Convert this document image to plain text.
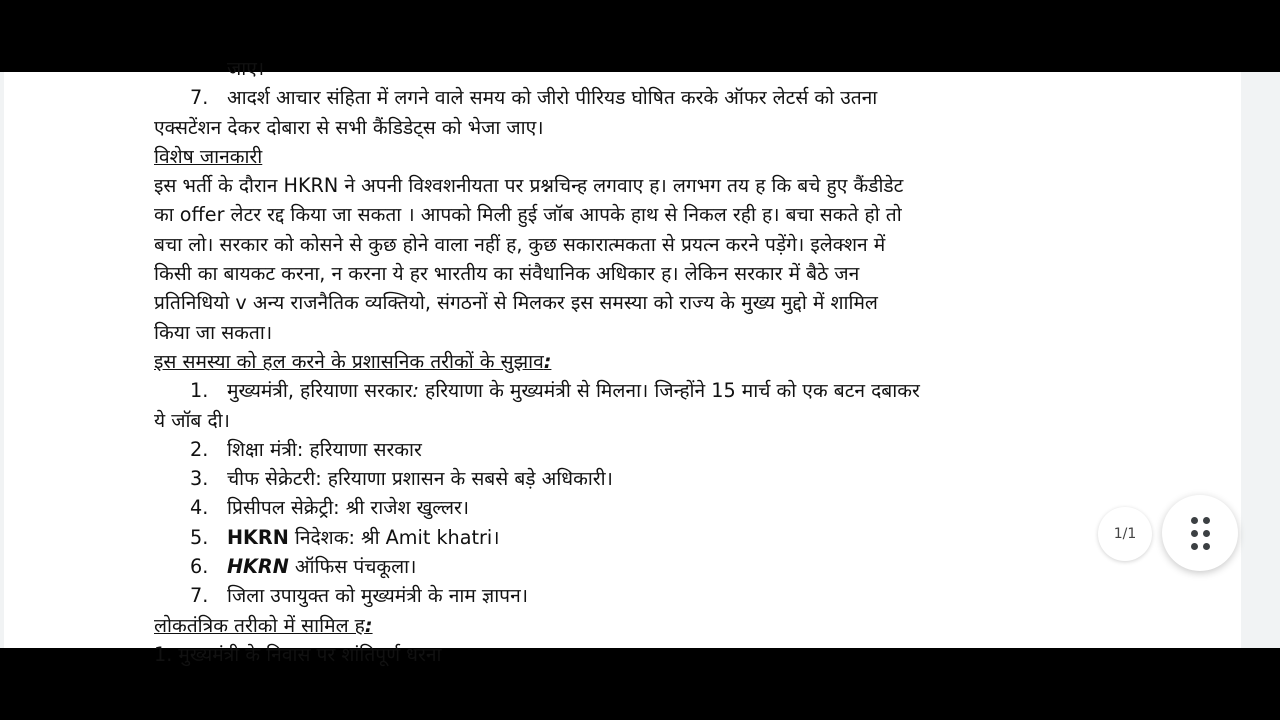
जाए।
7. आदर्श आचार संहिता में लगने वाले समय को जीरो पीरियड घोषित करके ऑफर लेटर्स को उतना
एक्सटेंशन देकर दोबारा से सभी कैंडिडेट्स को भेजा जाए।
विशेष जानकारी
इस भर्ती के दौरान HKRN ने अपनी विश्वशनीयता पर प्रश्नचिन्ह लगवाए ह। लगभग तय ह कि बचे हुए कैंडीडेट
का offer लेटर रद्द किया जा सकता । आपको मिली हुई जॉब आपके हाथ से निकल रही ह। बचा सकते हो तो
बचा लो। सरकार को कोसने से कुछ होने वाला नहीं ह, कुछ सकारात्मकता से प्रयत्न करने पड़ेंगे। इलेक्शन में
किसी का बायकट करना, न करना ये हर भारतीय का संवैधानिक अधिकार ह। लेकिन सरकार में बैठे जन
प्रतिनिधियो v अन्य राजनैतिक व्यक्तियो, संगठनों से मिलकर इस समस्या को राज्य के मुख्य मुद्दो में शामिल
किया जा सकता।
इस समस्या को हल करने के प्रशासनिक तरीकों के सुझाव:
1. मुख्यमंत्री, हरियाणा सरकार: हरियाणा के मुख्यमंत्री से मिलना। जिन्होंने 15 मार्च को एक बटन दबाकर
ये जॉब दी।
2. शिक्षा मंत्री: हरियाणा सरकार
3. चीफ सेक्रेटरी: हरियाणा प्रशासन के सबसे बड़े अधिकारी।
4. प्रिसीपल सेक्रेट्री: श्री राजेश खुल्लर।
5. HKRN निदेशक: श्री Amit khatri।
6. HKRN ऑफिस पंचकूला।
7. जिला उपायुक्त को मुख्यमंत्री के नाम ज्ञापन।
लोकतंत्रिक तरीको में सामिल ह:
1. मुख्यमंत्री के निवास पर शांतिपूर्ण धरना
1/1
